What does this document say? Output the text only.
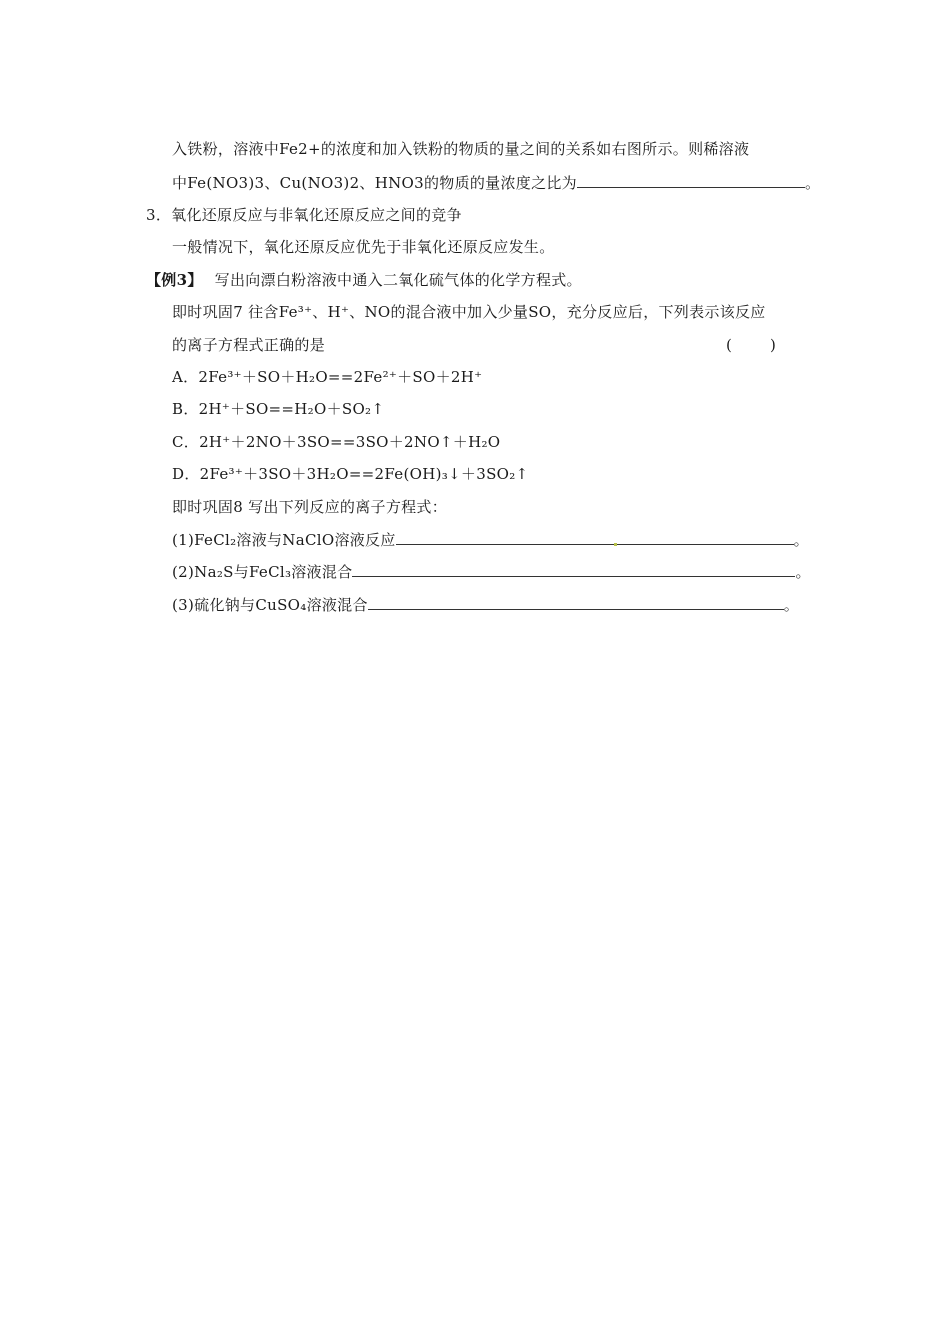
入铁粉，溶液中Fe2+的浓度和加入铁粉的物质的量之间的关系如右图所示。则稀溶液
中Fe(NO3)3、Cu(NO3)2、HNO3的物质的量浓度之比为	。
3．氧化还原反应与非氧化还原反应之间的竞争
一般情况下，氧化还原反应优先于非氧化还原反应发生。
【例3】 写出向漂白粉溶液中通入二氧化硫气体的化学方程式。
即时巩固7 往含Fe³⁺、H⁺、NO的混合液中加入少量SO，充分反应后，下列表示该反应
的离子方程式正确的是	(        )
A．2Fe³⁺＋SO＋H₂O==2Fe²⁺＋SO＋2H⁺
B．2H⁺＋SO==H₂O＋SO₂↑
C．2H⁺＋2NO＋3SO==3SO＋2NO↑＋H₂O
D．2Fe³⁺＋3SO＋3H₂O==2Fe(OH)₃↓＋3SO₂↑
即时巩固8 写出下列反应的离子方程式：
(1)FeCl₂溶液与NaClO溶液反应	。
(2)Na₂S与FeCl₃溶液混合	。
(3)硫化钠与CuSO₄溶液混合	。
